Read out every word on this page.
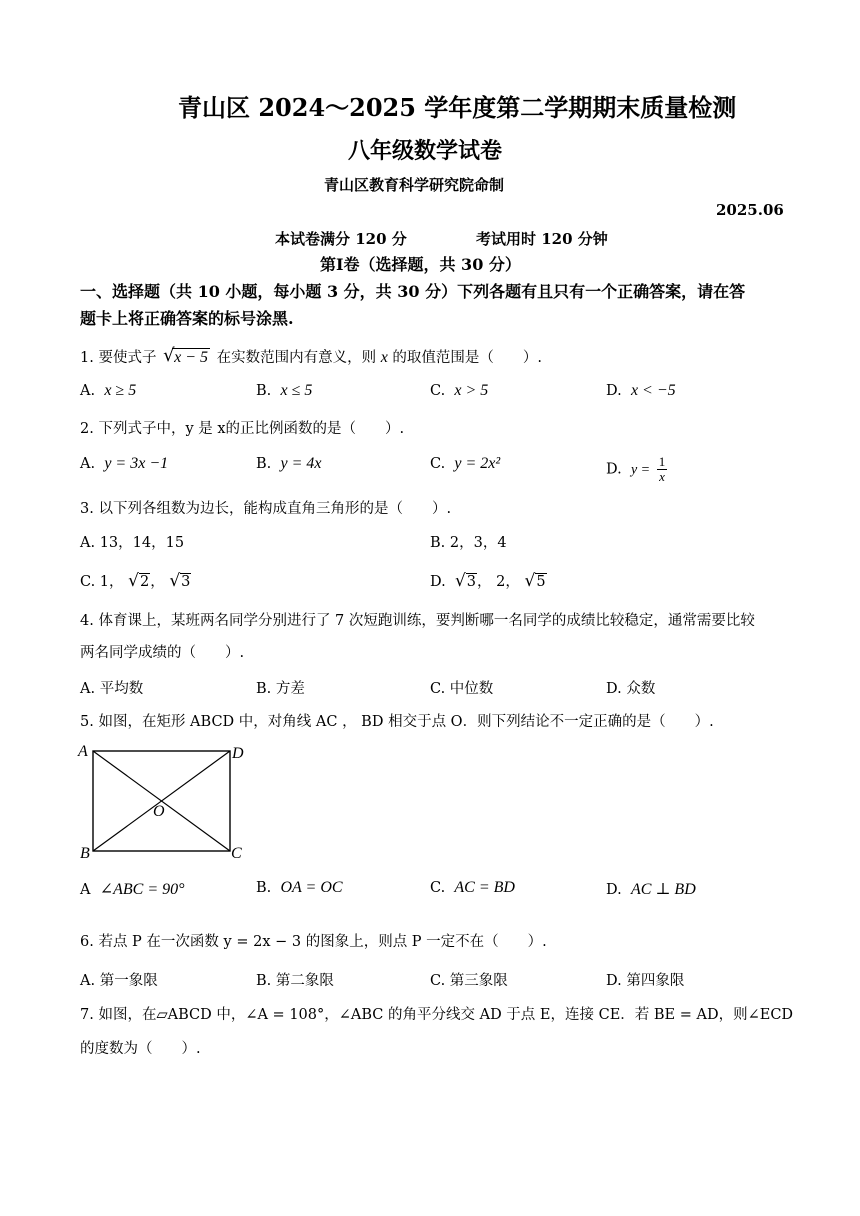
青山区 2024～2025 学年度第二学期期末质量检测
八年级数学试卷
青山区教育科学研究院命制
2025.06
本试卷满分 120 分	考试用时 120 分钟
第Ⅰ卷（选择题，共 30 分）
一、选择题（共 10 小题，每小题 3 分，共 30 分）下列各题有且只有一个正确答案，请在答
题卡上将正确答案的标号涂黑.
1. 要使式子 √ x − 5 在实数范围内有意义，则 x 的取值范围是（　　）.
A. x ≥ 5	B. x ≤ 5	C. x > 5	D. x < −5
2. 下列式子中，y 是 x的正比例函数的是（　　）.
A. y = 3x −1	B. y = 4x	C. y = 2x²	D. $y = \frac{1}{x}$
3. 以下列各组数为边长，能构成直角三角形的是（　　）.
A. 13，14，15	B. 2，3，4
C. 1， √2， √3	D. √3， 2， √5
4. 体育课上，某班两名同学分别进行了 7 次短跑训练，要判断哪一名同学的成绩比较稳定，通常需要比较
两名同学成绩的（　　）.
A. 平均数	B. 方差	C. 中位数	D. 众数
5. 如图，在矩形 ABCD 中，对角线 AC ， BD 相交于点 O．则下列结论不一定正确的是（　　）.
A	D
O
B	C
A ∠ABC = 90°	B. OA = OC	C. AC = BD	D. AC ⊥ BD
6. 若点 P 在一次函数 y = 2x − 3 的图象上，则点 P 一定不在（　　）.
A. 第一象限	B. 第二象限	C. 第三象限	D. 第四象限
7. 如图，在▱ABCD 中，∠A = 108°，∠ABC 的角平分线交 AD 于点 E，连接 CE．若 BE = AD，则∠ECD
的度数为（　　）.
